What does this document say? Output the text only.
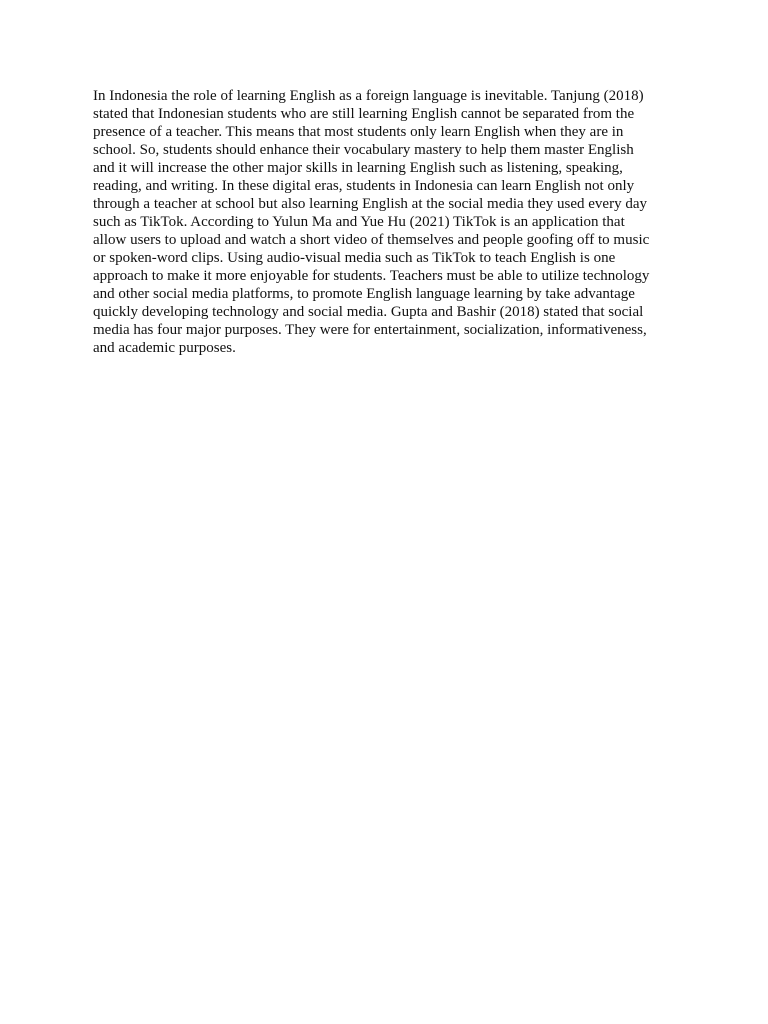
In Indonesia the role of learning English as a foreign language is inevitable. Tanjung (2018)
stated that Indonesian students who are still learning English cannot be separated from the
presence of a teacher. This means that most students only learn English when they are in
school. So, students should enhance their vocabulary mastery to help them master English
and it will increase the other major skills in learning English such as listening, speaking,
reading, and writing. In these digital eras, students in Indonesia can learn English not only
through a teacher at school but also learning English at the social media they used every day
such as TikTok. According to Yulun Ma and Yue Hu (2021) TikTok is an application that
allow users to upload and watch a short video of themselves and people goofing off to music
or spoken-word clips. Using audio-visual media such as TikTok to teach English is one
approach to make it more enjoyable for students. Teachers must be able to utilize technology
and other social media platforms, to promote English language learning by take advantage
quickly developing technology and social media. Gupta and Bashir (2018) stated that social
media has four major purposes. They were for entertainment, socialization, informativeness,
and academic purposes.
